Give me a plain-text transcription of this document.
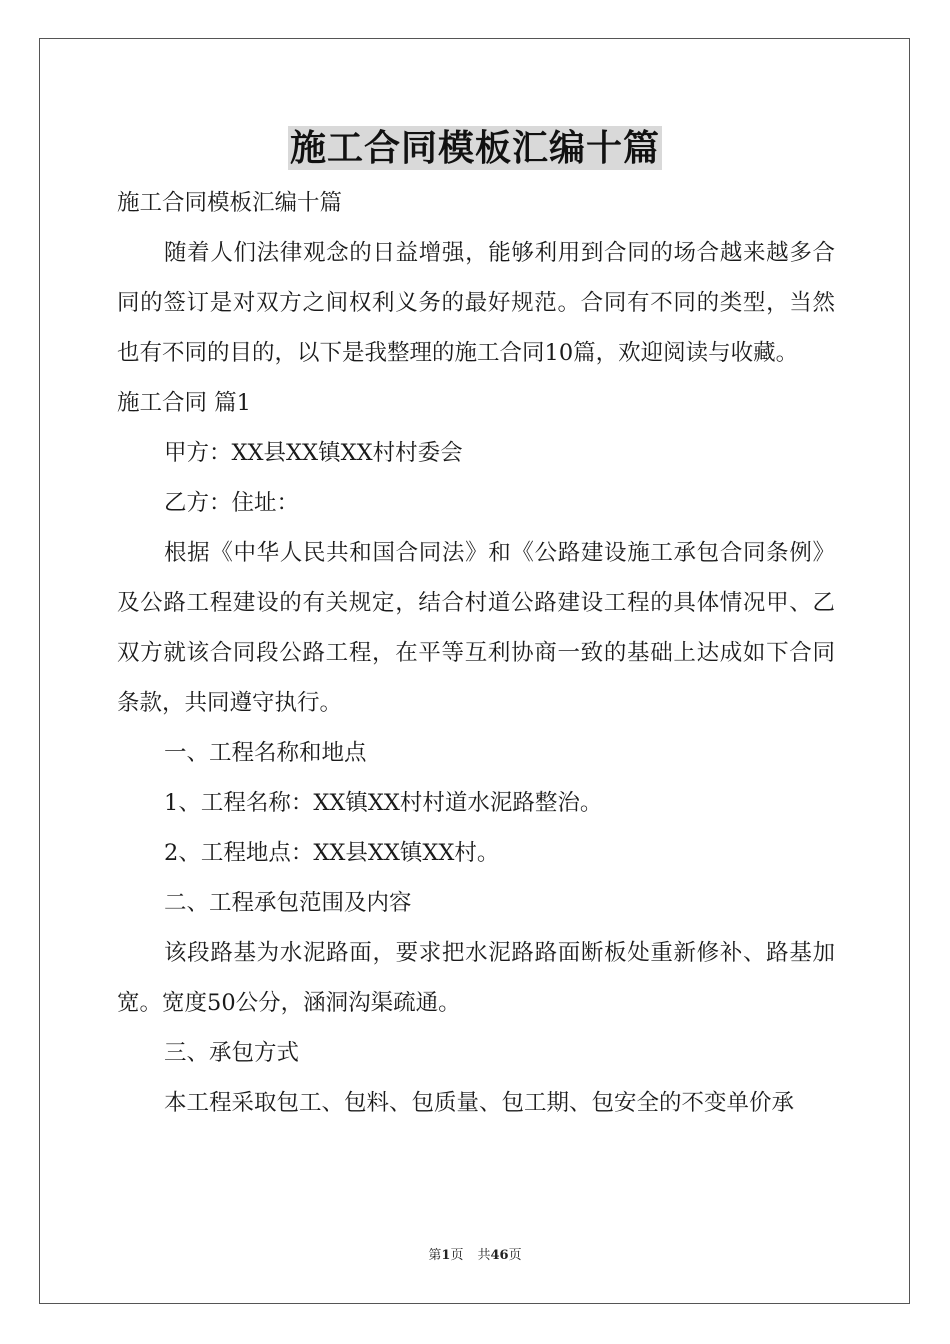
施工合同模板汇编十篇

施工合同模板汇编十篇

随着人们法律观念的日益增强，能够利用到合同的场合越来越多合同的签订是对双方之间权利义务的最好规范。合同有不同的类型，当然也有不同的目的，以下是我整理的施工合同10篇，欢迎阅读与收藏。

施工合同 篇1

甲方：XX县XX镇XX村村委会

乙方：住址：

根据《中华人民共和国合同法》和《公路建设施工承包合同条例》及公路工程建设的有关规定，结合村道公路建设工程的具体情况甲、乙双方就该合同段公路工程，在平等互利协商一致的基础上达成如下合同条款，共同遵守执行。

一、工程名称和地点

1、工程名称：XX镇XX村村道水泥路整治。

2、工程地点：XX县XX镇XX村。

二、工程承包范围及内容

该段路基为水泥路面，要求把水泥路路面断板处重新修补、路基加宽。宽度50公分，涵洞沟渠疏通。

三、承包方式

本工程采取包工、包料、包质量、包工期、包安全的不变单价承

第1页 共46页
